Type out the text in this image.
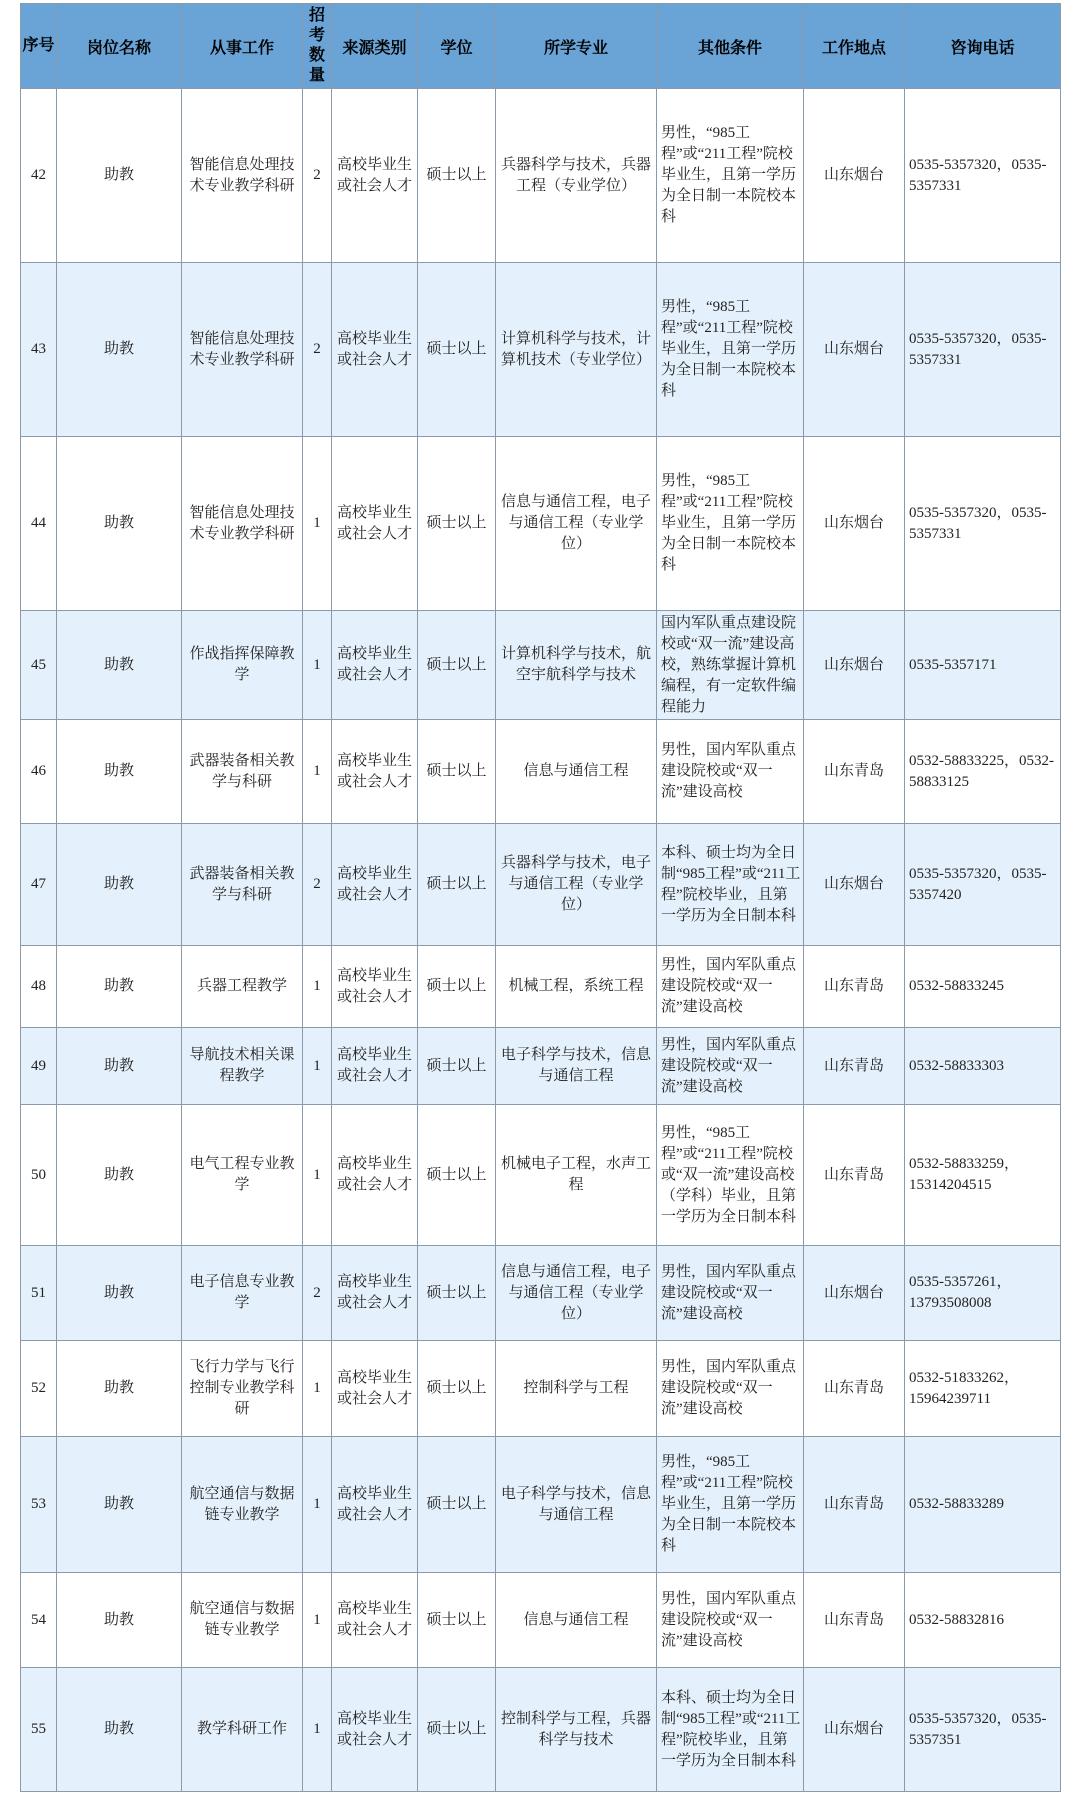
序号	岗位名称	从事工作	招考数量	来源类别	学位	所学专业	其他条件	工作地点	咨询电话
42	助教	智能信息处理技术专业教学科研	2	高校毕业生或社会人才	硕士以上	兵器科学与技术，兵器工程（专业学位）	男性，“985工程”或“211工程”院校毕业生，且第一学历为全日制一本院校本科	山东烟台	0535-5357320，0535-5357331
43	助教	智能信息处理技术专业教学科研	2	高校毕业生或社会人才	硕士以上	计算机科学与技术，计算机技术（专业学位）	男性，“985工程”或“211工程”院校毕业生，且第一学历为全日制一本院校本科	山东烟台	0535-5357320，0535-5357331
44	助教	智能信息处理技术专业教学科研	1	高校毕业生或社会人才	硕士以上	信息与通信工程，电子与通信工程（专业学位）	男性，“985工程”或“211工程”院校毕业生，且第一学历为全日制一本院校本科	山东烟台	0535-5357320，0535-5357331
45	助教	作战指挥保障教学	1	高校毕业生或社会人才	硕士以上	计算机科学与技术，航空宇航科学与技术	国内军队重点建设院校或“双一流”建设高校，熟练掌握计算机编程，有一定软件编程能力	山东烟台	0535-5357171
46	助教	武器装备相关教学与科研	1	高校毕业生或社会人才	硕士以上	信息与通信工程	男性，国内军队重点建设院校或“双一流”建设高校	山东青岛	0532-58833225，0532-58833125
47	助教	武器装备相关教学与科研	2	高校毕业生或社会人才	硕士以上	兵器科学与技术，电子与通信工程（专业学位）	本科、硕士均为全日制“985工程”或“211工程”院校毕业，且第一学历为全日制本科	山东烟台	0535-5357320，0535-5357420
48	助教	兵器工程教学	1	高校毕业生或社会人才	硕士以上	机械工程，系统工程	男性，国内军队重点建设院校或“双一流”建设高校	山东青岛	0532-58833245
49	助教	导航技术相关课程教学	1	高校毕业生或社会人才	硕士以上	电子科学与技术，信息与通信工程	男性，国内军队重点建设院校或“双一流”建设高校	山东青岛	0532-58833303
50	助教	电气工程专业教学	1	高校毕业生或社会人才	硕士以上	机械电子工程，水声工程	男性，“985工程”或“211工程”院校或“双一流”建设高校（学科）毕业，且第一学历为全日制本科	山东青岛	0532-58833259，15314204515
51	助教	电子信息专业教学	2	高校毕业生或社会人才	硕士以上	信息与通信工程，电子与通信工程（专业学位）	男性，国内军队重点建设院校或“双一流”建设高校	山东烟台	0535-5357261，13793508008
52	助教	飞行力学与飞行控制专业教学科研	1	高校毕业生或社会人才	硕士以上	控制科学与工程	男性，国内军队重点建设院校或“双一流”建设高校	山东青岛	0532-51833262，15964239711
53	助教	航空通信与数据链专业教学	1	高校毕业生或社会人才	硕士以上	电子科学与技术，信息与通信工程	男性，“985工程”或“211工程”院校毕业生，且第一学历为全日制一本院校本科	山东青岛	0532-58833289
54	助教	航空通信与数据链专业教学	1	高校毕业生或社会人才	硕士以上	信息与通信工程	男性，国内军队重点建设院校或“双一流”建设高校	山东青岛	0532-58832816
55	助教	教学科研工作	1	高校毕业生或社会人才	硕士以上	控制科学与工程，兵器科学与技术	本科、硕士均为全日制“985工程”或“211工程”院校毕业，且第一学历为全日制本科	山东烟台	0535-5357320，0535-5357351
